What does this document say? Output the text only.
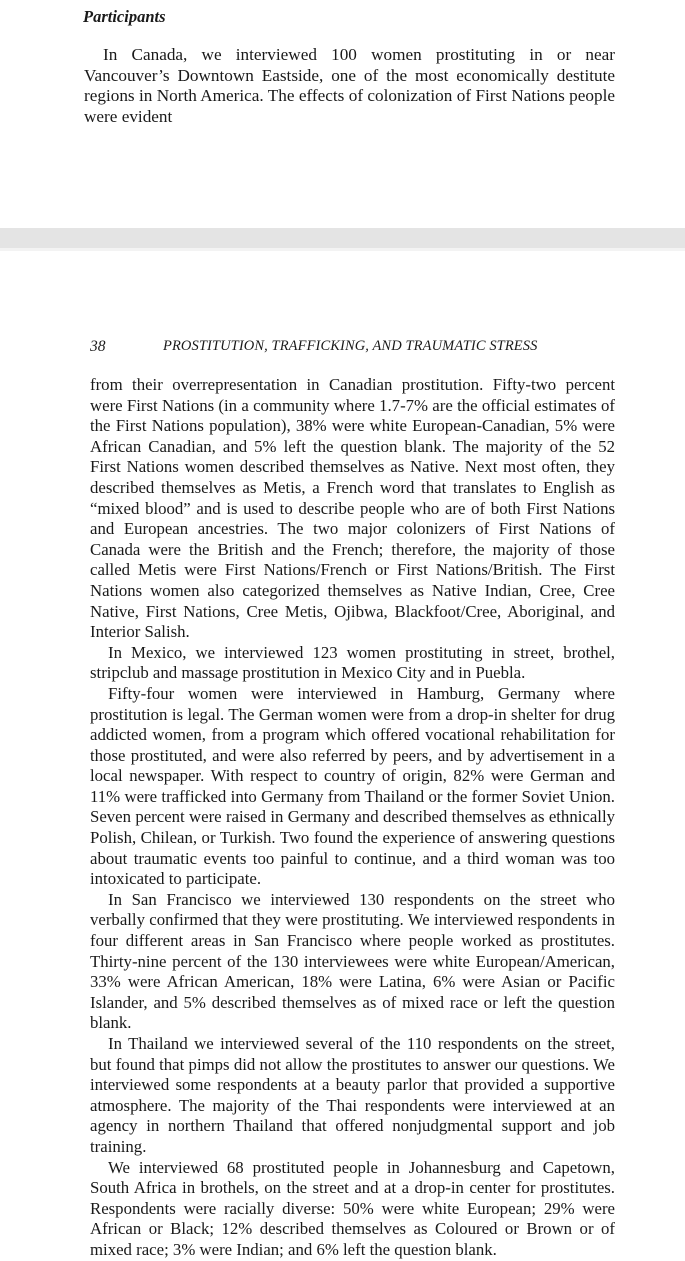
Participants

In Canada, we interviewed 100 women prostituting in or near Vancouver’s Downtown Eastside, one of the most economically destitute regions in North America. The effects of colonization of First Nations people were evident

38	PROSTITUTION, TRAFFICKING, AND TRAUMATIC STRESS

from their overrepresentation in Canadian prostitution. Fifty-two percent were First Nations (in a community where 1.7-7% are the official estimates of the First Nations population), 38% were white European-Canadian, 5% were African Canadian, and 5% left the question blank. The majority of the 52 First Nations women described themselves as Native. Next most often, they described themselves as Metis, a French word that translates to English as “mixed blood” and is used to describe people who are of both First Nations and European ancestries. The two major colonizers of First Nations of Canada were the British and the French; therefore, the majority of those called Metis were First Nations/French or First Nations/British. The First Nations women also categorized themselves as Native Indian, Cree, Cree Native, First Nations, Cree Metis, Ojibwa, Blackfoot/Cree, Aboriginal, and Interior Salish.

In Mexico, we interviewed 123 women prostituting in street, brothel, stripclub and massage prostitution in Mexico City and in Puebla.

Fifty-four women were interviewed in Hamburg, Germany where prostitution is legal. The German women were from a drop-in shelter for drug addicted women, from a program which offered vocational rehabilitation for those prostituted, and were also referred by peers, and by advertisement in a local newspaper. With respect to country of origin, 82% were German and 11% were trafficked into Germany from Thailand or the former Soviet Union. Seven percent were raised in Germany and described themselves as ethnically Polish, Chilean, or Turkish. Two found the experience of answering questions about traumatic events too painful to continue, and a third woman was too intoxicated to participate.

In San Francisco we interviewed 130 respondents on the street who verbally confirmed that they were prostituting. We interviewed respondents in four different areas in San Francisco where people worked as prostitutes. Thirty-nine percent of the 130 interviewees were white European/American, 33% were African American, 18% were Latina, 6% were Asian or Pacific Islander, and 5% described themselves as of mixed race or left the question blank.

In Thailand we interviewed several of the 110 respondents on the street, but found that pimps did not allow the prostitutes to answer our questions. We interviewed some respondents at a beauty parlor that provided a supportive atmosphere. The majority of the Thai respondents were interviewed at an agency in northern Thailand that offered nonjudgmental support and job training.

We interviewed 68 prostituted people in Johannesburg and Capetown, South Africa in brothels, on the street and at a drop-in center for prostitutes. Respondents were racially diverse: 50% were white European; 29% were African or Black; 12% described themselves as Coloured or Brown or of mixed race; 3% were Indian; and 6% left the question blank.
